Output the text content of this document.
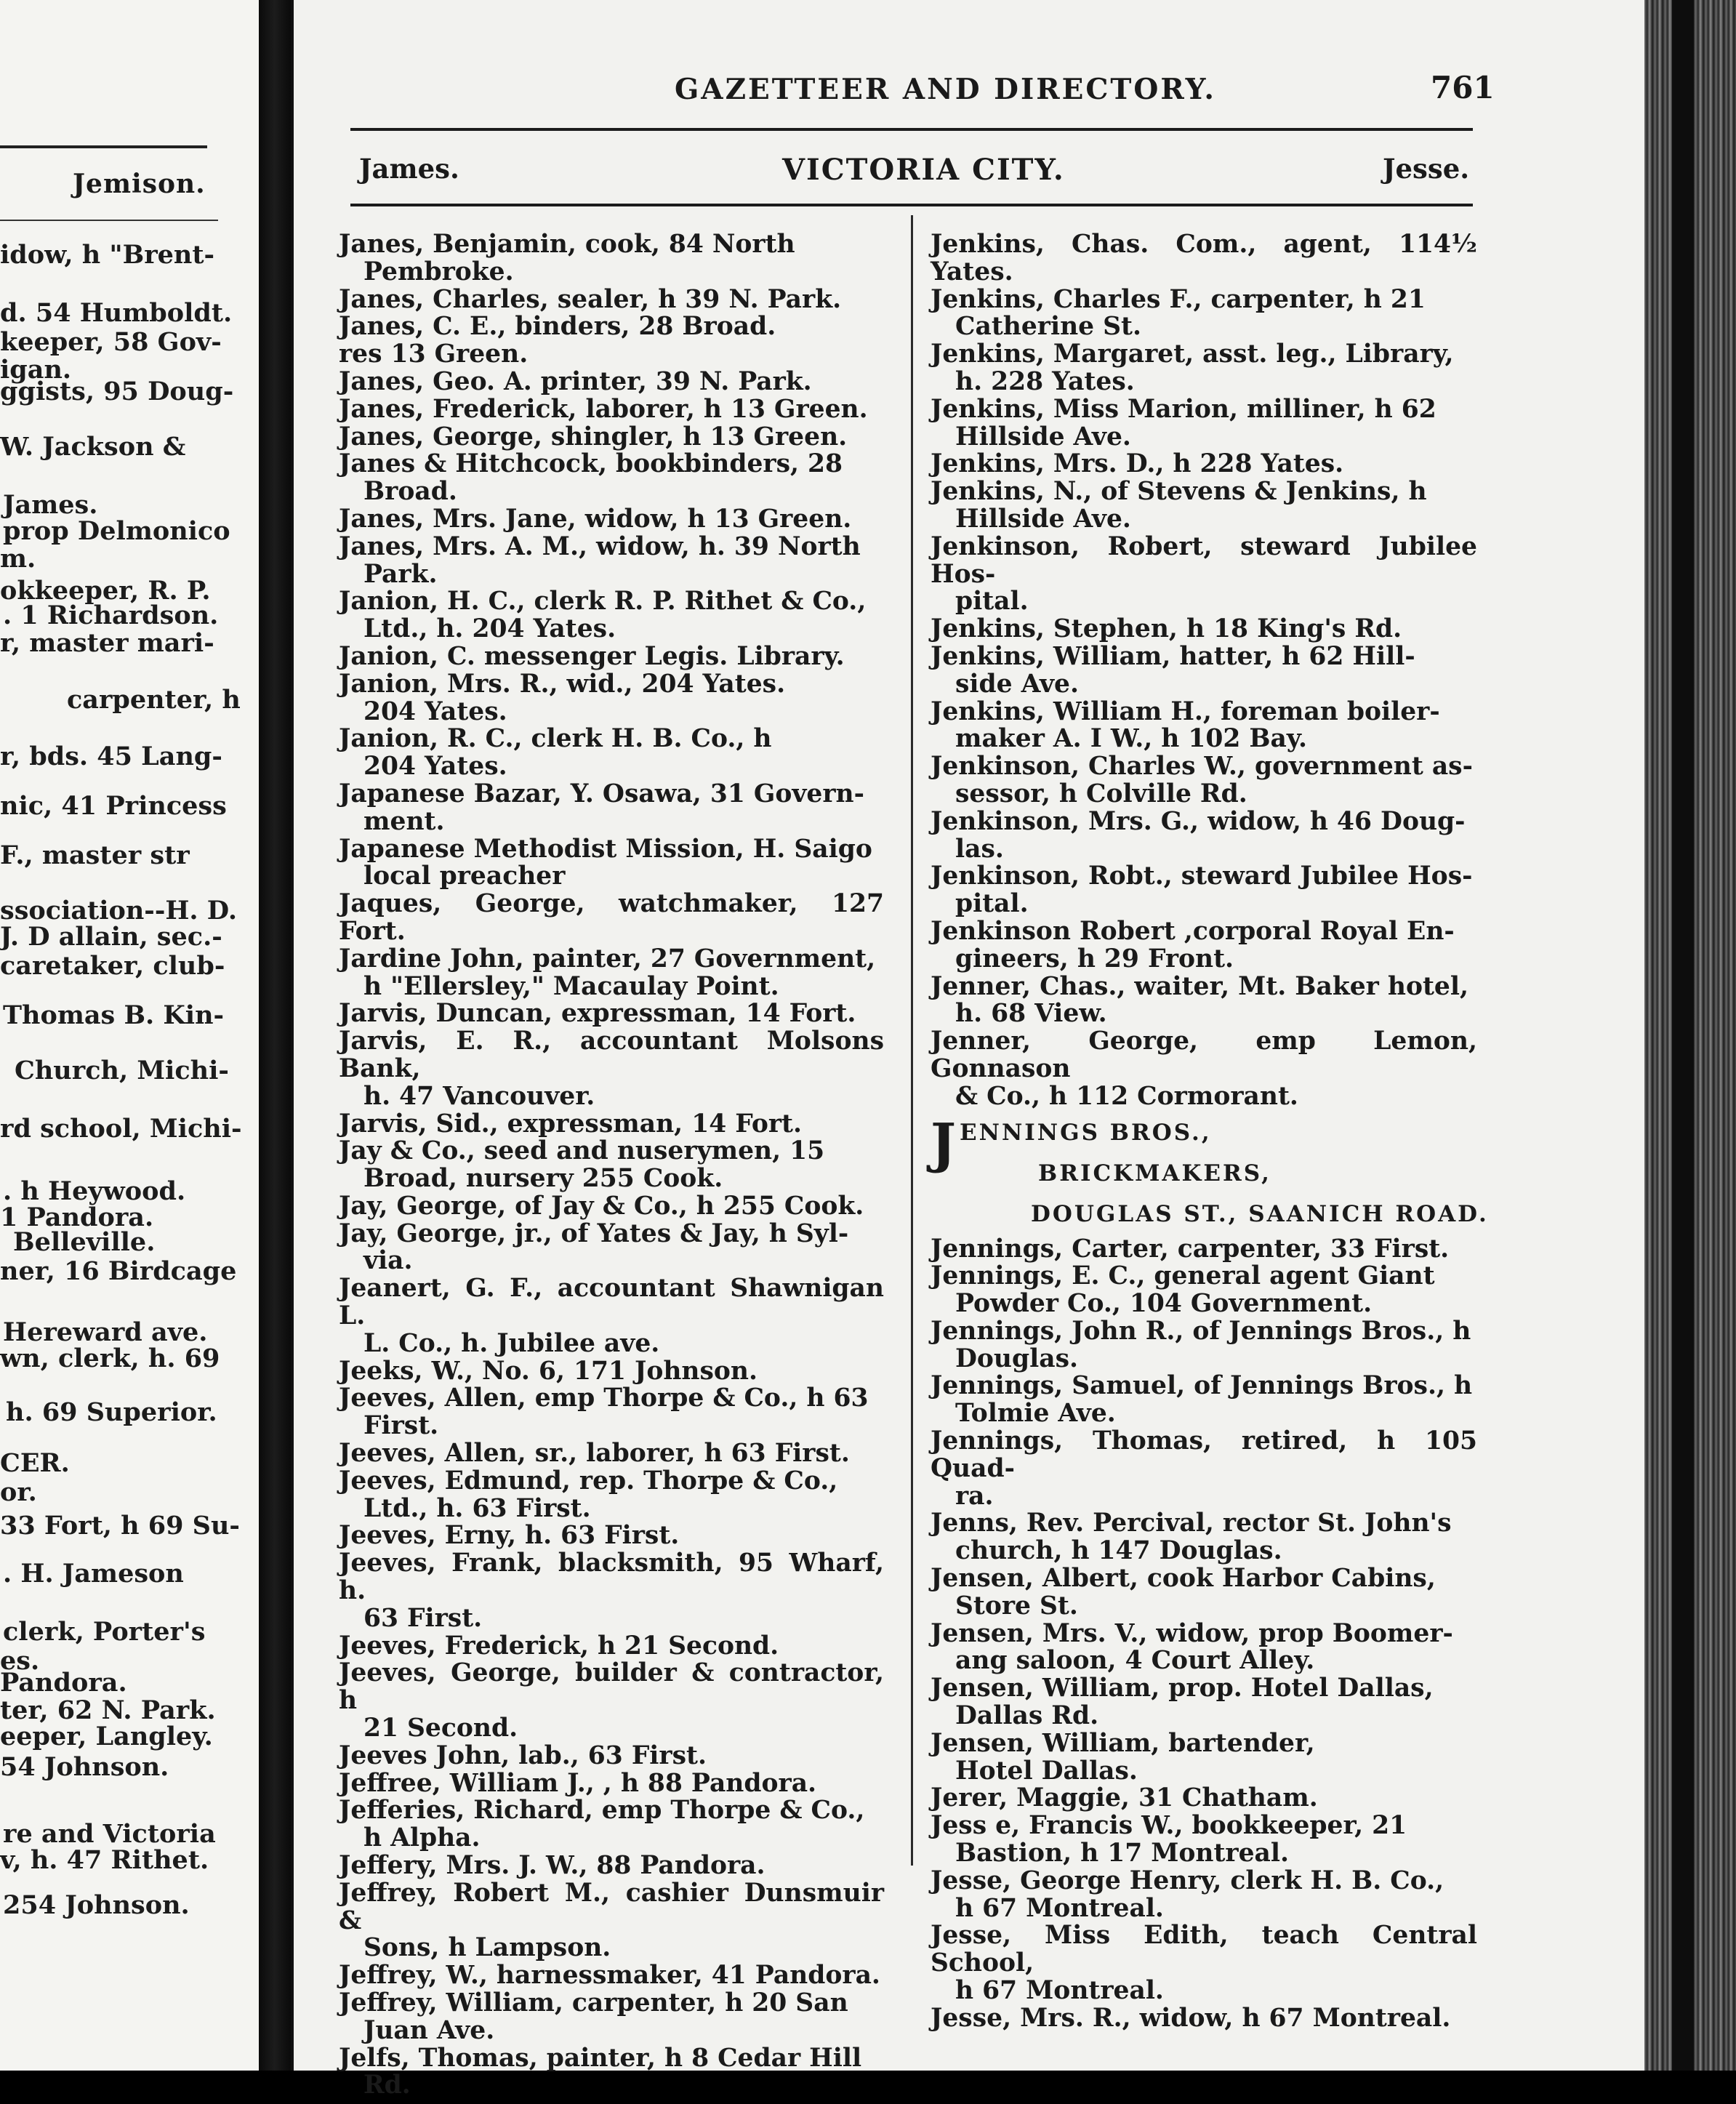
Jemison.
idow, h "Brent-
d. 54 Humboldt.
keeper, 58 Gov-
igan.
ggists, 95 Doug-
W. Jackson &
James.
prop Delmonico
m.
okkeeper, R. P.
. 1 Richardson.
r, master mari-
carpenter, h
r, bds. 45 Lang-
nic, 41 Princess
F., master str
ssociation--H. D.
J. D allain, sec.-
caretaker, club-
Thomas B. Kin-
Church, Michi-
rd school, Michi-
. h Heywood.
1 Pandora.
Belleville.
ner, 16 Birdcage
Hereward ave.
wn, clerk, h. 69
h. 69 Superior.
CER.
or.
33 Fort, h 69 Su-
. H. Jameson
clerk, Porter's
es.
Pandora.
ter, 62 N. Park.
eeper, Langley.
54 Johnson.
re and Victoria
v, h. 47 Rithet.
254 Johnson.
GAZETTEER AND DIRECTORY.	761
James.	VICTORIA CITY.	Jesse.
Janes, Benjamin, cook, 84 North
Pembroke.
Janes, Charles, sealer, h 39 N. Park.
Janes, C. E., binders, 28 Broad.
res 13 Green.
Janes, Geo. A. printer, 39 N. Park.
Janes, Frederick, laborer, h 13 Green.
Janes, George, shingler, h 13 Green.
Janes & Hitchcock, bookbinders, 28
Broad.
Janes, Mrs. Jane, widow, h 13 Green.
Janes, Mrs. A. M., widow, h. 39 North
Park.
Janion, H. C., clerk R. P. Rithet & Co.,
Ltd., h. 204 Yates.
Janion, C. messenger Legis. Library.
Janion, Mrs. R., wid., 204 Yates.
204 Yates.
Janion, R. C., clerk H. B. Co., h
204 Yates.
Japanese Bazar, Y. Osawa, 31 Govern-
ment.
Japanese Methodist Mission, H. Saigo
local preacher
Jaques, George, watchmaker, 127 Fort.
Jardine John, painter, 27 Government,
h "Ellersley," Macaulay Point.
Jarvis, Duncan, expressman, 14 Fort.
Jarvis, E. R., accountant Molsons Bank,
h. 47 Vancouver.
Jarvis, Sid., expressman, 14 Fort.
Jay & Co., seed and nuserymen, 15
Broad, nursery 255 Cook.
Jay, George, of Jay & Co., h 255 Cook.
Jay, George, jr., of Yates & Jay, h Syl-
via.
Jeanert, G. F., accountant Shawnigan L.
L. Co., h. Jubilee ave.
Jeeks, W., No. 6, 171 Johnson.
Jeeves, Allen, emp Thorpe & Co., h 63
First.
Jeeves, Allen, sr., laborer, h 63 First.
Jeeves, Edmund, rep. Thorpe & Co.,
Ltd., h. 63 First.
Jeeves, Erny, h. 63 First.
Jeeves, Frank, blacksmith, 95 Wharf, h.
63 First.
Jeeves, Frederick, h 21 Second.
Jeeves, George, builder & contractor, h
21 Second.
Jeeves John, lab., 63 First.
Jeffree, William J., , h 88 Pandora.
Jefferies, Richard, emp Thorpe & Co.,
h Alpha.
Jeffery, Mrs. J. W., 88 Pandora.
Jeffrey, Robert M., cashier Dunsmuir &
Sons, h Lampson.
Jeffrey, W., harnessmaker, 41 Pandora.
Jeffrey, William, carpenter, h 20 San
Juan Ave.
Jelfs, Thomas, painter, h 8 Cedar Hill
Rd.
Jenkins, Chas. Com., agent, 114½ Yates.
Jenkins, Charles F., carpenter, h 21
Catherine St.
Jenkins, Margaret, asst. leg., Library,
h. 228 Yates.
Jenkins, Miss Marion, milliner, h 62
Hillside Ave.
Jenkins, Mrs. D., h 228 Yates.
Jenkins, N., of Stevens & Jenkins, h
Hillside Ave.
Jenkinson, Robert, steward Jubilee Hos-
pital.
Jenkins, Stephen, h 18 King's Rd.
Jenkins, William, hatter, h 62 Hill-
side Ave.
Jenkins, William H., foreman boiler-
maker A. I W., h 102 Bay.
Jenkinson, Charles W., government as-
sessor, h Colville Rd.
Jenkinson, Mrs. G., widow, h 46 Doug-
las.
Jenkinson, Robt., steward Jubilee Hos-
pital.
Jenkinson Robert ,corporal Royal En-
gineers, h 29 Front.
Jenner, Chas., waiter, Mt. Baker hotel,
h. 68 View.
Jenner, George, emp Lemon, Gonnason
& Co., h 112 Cormorant.
J ENNINGS BROS.,
BRICKMAKERS,
DOUGLAS ST., SAANICH ROAD.
Jennings, Carter, carpenter, 33 First.
Jennings, E. C., general agent Giant
Powder Co., 104 Government.
Jennings, John R., of Jennings Bros., h
Douglas.
Jennings, Samuel, of Jennings Bros., h
Tolmie Ave.
Jennings, Thomas, retired, h 105 Quad-
ra.
Jenns, Rev. Percival, rector St. John's
church, h 147 Douglas.
Jensen, Albert, cook Harbor Cabins,
Store St.
Jensen, Mrs. V., widow, prop Boomer-
ang saloon, 4 Court Alley.
Jensen, William, prop. Hotel Dallas,
Dallas Rd.
Jensen, William, bartender,
Hotel Dallas.
Jerer, Maggie, 31 Chatham.
Jess e, Francis W., bookkeeper, 21
Bastion, h 17 Montreal.
Jesse, George Henry, clerk H. B. Co.,
h 67 Montreal.
Jesse, Miss Edith, teach Central School,
h 67 Montreal.
Jesse, Mrs. R., widow, h 67 Montreal.
